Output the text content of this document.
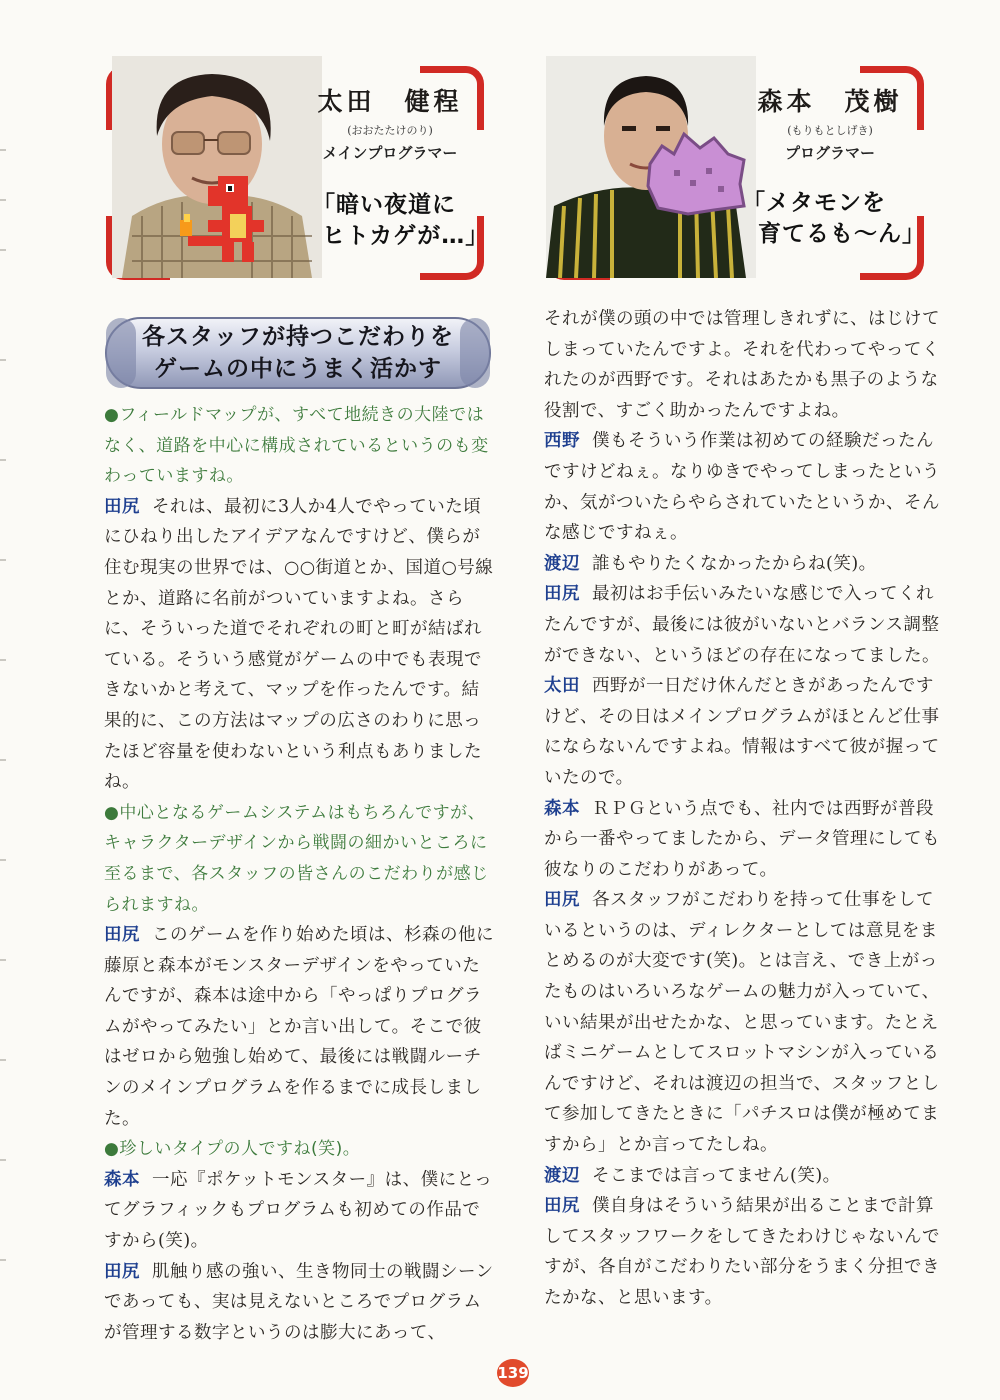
太田　健程
(おおたたけのり)
メインプログラマー
「暗い夜道に
ヒトカゲが…」
森本　茂樹
(もりもとしげき)
プログラマー
「メタモンを
育てるも〜ん」
各スタッフが持つこだわりを
ゲームの中にうまく活かす
●フィールドマップが、すべて地続きの大陸ではなく、道路を中心に構成されているというのも変わっていますね。
田尻 それは、最初に3人か4人でやっていた頃にひねり出したアイデアなんですけど、僕らが住む現実の世界では、○○街道とか、国道○号線とか、道路に名前がついていますよね。さらに、そういった道でそれぞれの町と町が結ばれている。そういう感覚がゲームの中でも表現できないかと考えて、マップを作ったんです。結果的に、この方法はマップの広さのわりに思ったほど容量を使わないという利点もありましたね。
●中心となるゲームシステムはもちろんですが、キャラクターデザインから戦闘の細かいところに至るまで、各スタッフの皆さんのこだわりが感じられますね。
田尻 このゲームを作り始めた頃は、杉森の他に藤原と森本がモンスターデザインをやっていたんですが、森本は途中から「やっぱりプログラムがやってみたい」とか言い出して。そこで彼はゼロから勉強し始めて、最後には戦闘ルーチンのメインプログラムを作るまでに成長しました。
●珍しいタイプの人ですね(笑)。
森本 一応『ポケットモンスター』は、僕にとってグラフィックもプログラムも初めての作品ですから(笑)。
田尻 肌触り感の強い、生き物同士の戦闘シーンであっても、実は見えないところでプログラムが管理する数字というのは膨大にあって、
それが僕の頭の中では管理しきれずに、はじけてしまっていたんですよ。それを代わってやってくれたのが西野です。それはあたかも黒子のような役割で、すごく助かったんですよね。
西野 僕もそういう作業は初めての経験だったんですけどねぇ。なりゆきでやってしまったというか、気がついたらやらされていたというか、そんな感じですねぇ。
渡辺 誰もやりたくなかったからね(笑)。
田尻 最初はお手伝いみたいな感じで入ってくれたんですが、最後には彼がいないとバランス調整ができない、というほどの存在になってました。
太田 西野が一日だけ休んだときがあったんですけど、その日はメインプログラムがほとんど仕事にならないんですよね。情報はすべて彼が握っていたので。
森本 ＲＰＧという点でも、社内では西野が普段から一番やってましたから、データ管理にしても彼なりのこだわりがあって。
田尻 各スタッフがこだわりを持って仕事をしているというのは、ディレクターとしては意見をまとめるのが大変です(笑)。とは言え、でき上がったものはいろいろなゲームの魅力が入っていて、いい結果が出せたかな、と思っています。たとえばミニゲームとしてスロットマシンが入っているんですけど、それは渡辺の担当で、スタッフとして参加してきたときに「パチスロは僕が極めてますから」とか言ってたしね。
渡辺 そこまでは言ってません(笑)。
田尻 僕自身はそういう結果が出ることまで計算してスタッフワークをしてきたわけじゃないんですが、各自がこだわりたい部分をうまく分担できたかな、と思います。
139
